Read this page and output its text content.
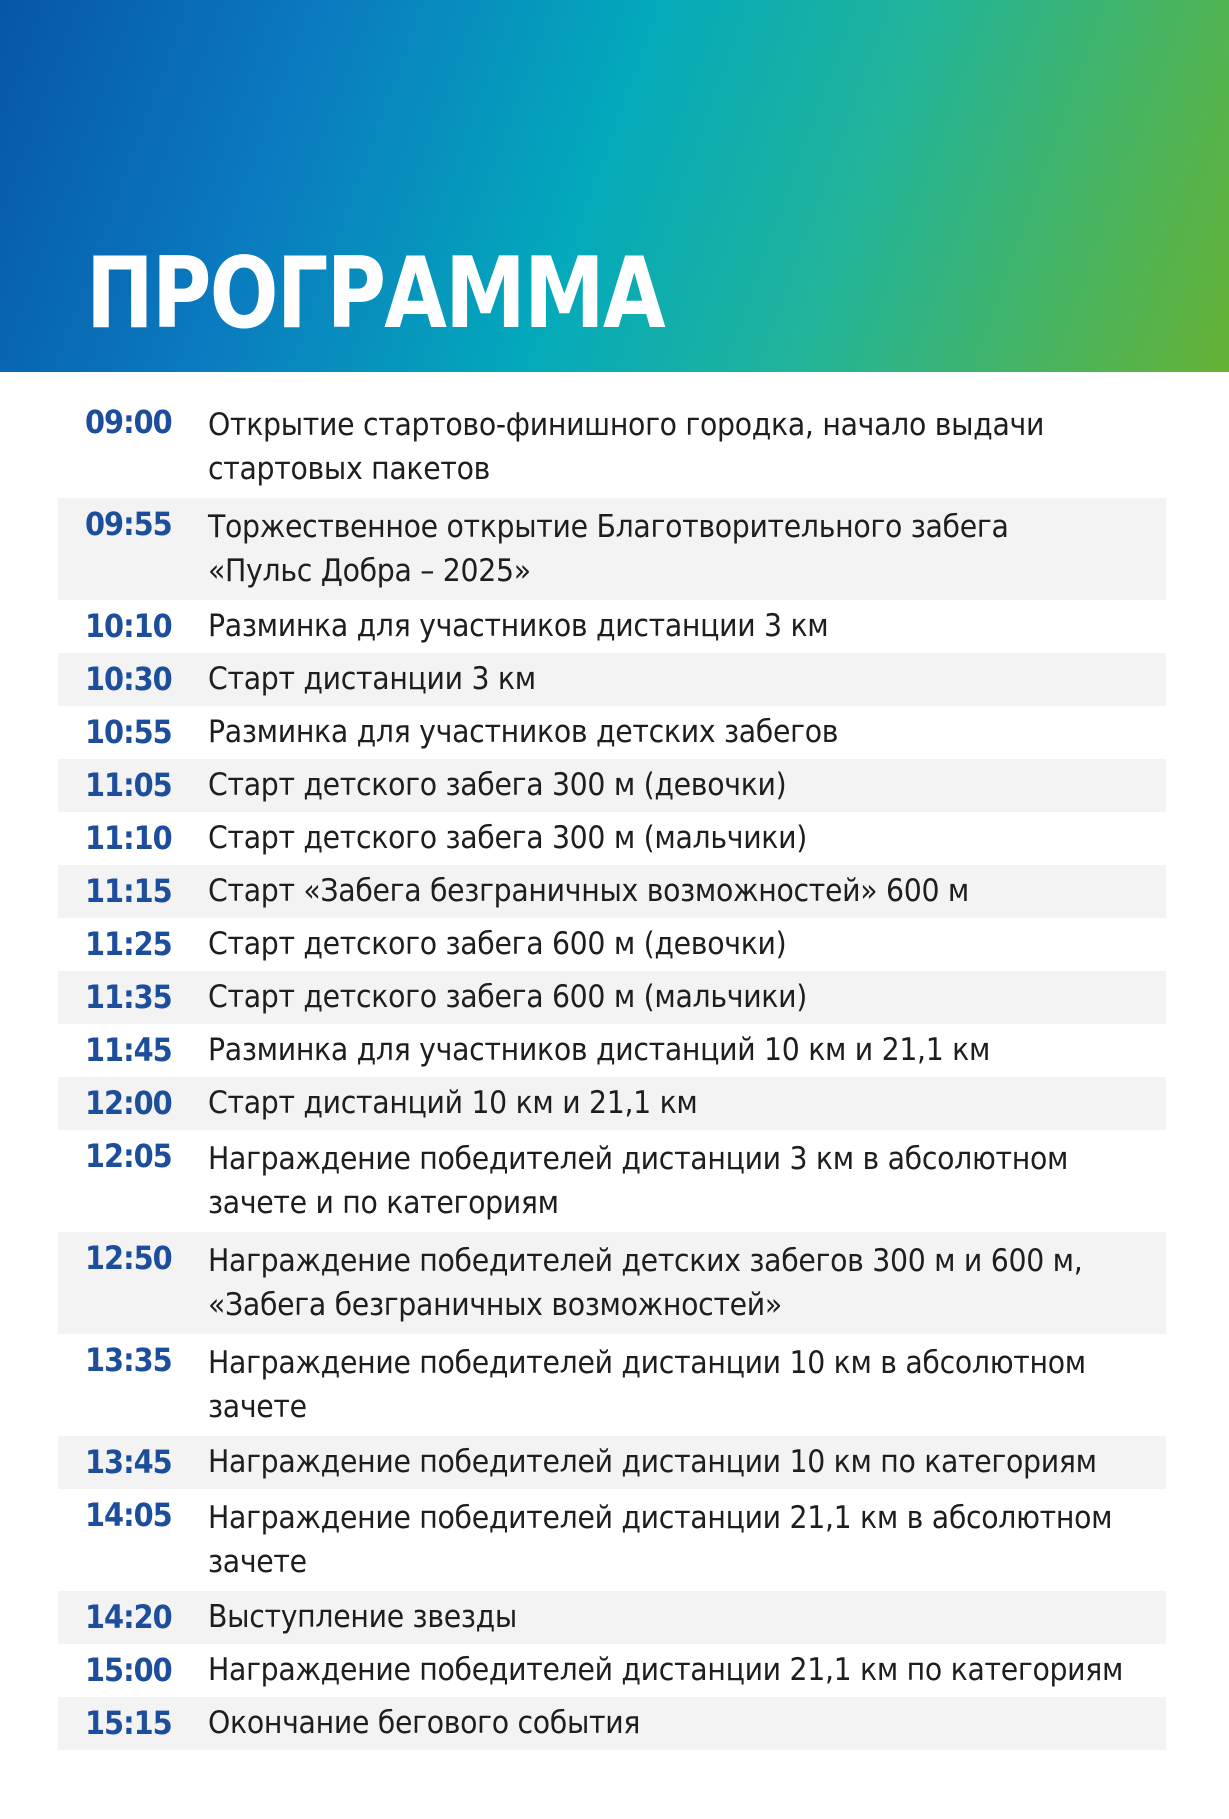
ПРОГРАММА
09:00 Открытие стартово-финишного городка, начало выдачи
стартовых пакетов
09:55 Торжественное открытие Благотворительного забега
«Пульс Добра – 2025»
10:10 Разминка для участников дистанции 3 км
10:30 Старт дистанции 3 км
10:55 Разминка для участников детских забегов
11:05 Старт детского забега 300 м (девочки)
11:10 Старт детского забега 300 м (мальчики)
11:15 Старт «Забега безграничных возможностей» 600 м
11:25 Старт детского забега 600 м (девочки)
11:35 Старт детского забега 600 м (мальчики)
11:45 Разминка для участников дистанций 10 км и 21,1 км
12:00 Старт дистанций 10 км и 21,1 км
12:05 Награждение победителей дистанции 3 км в абсолютном
зачете и по категориям
12:50 Награждение победителей детских забегов 300 м и 600 м,
«Забега безграничных возможностей»
13:35 Награждение победителей дистанции 10 км в абсолютном
зачете
13:45 Награждение победителей дистанции 10 км по категориям
14:05 Награждение победителей дистанции 21,1 км в абсолютном
зачете
14:20 Выступление звезды
15:00 Награждение победителей дистанции 21,1 км по категориям
15:15 Окончание бегового события
